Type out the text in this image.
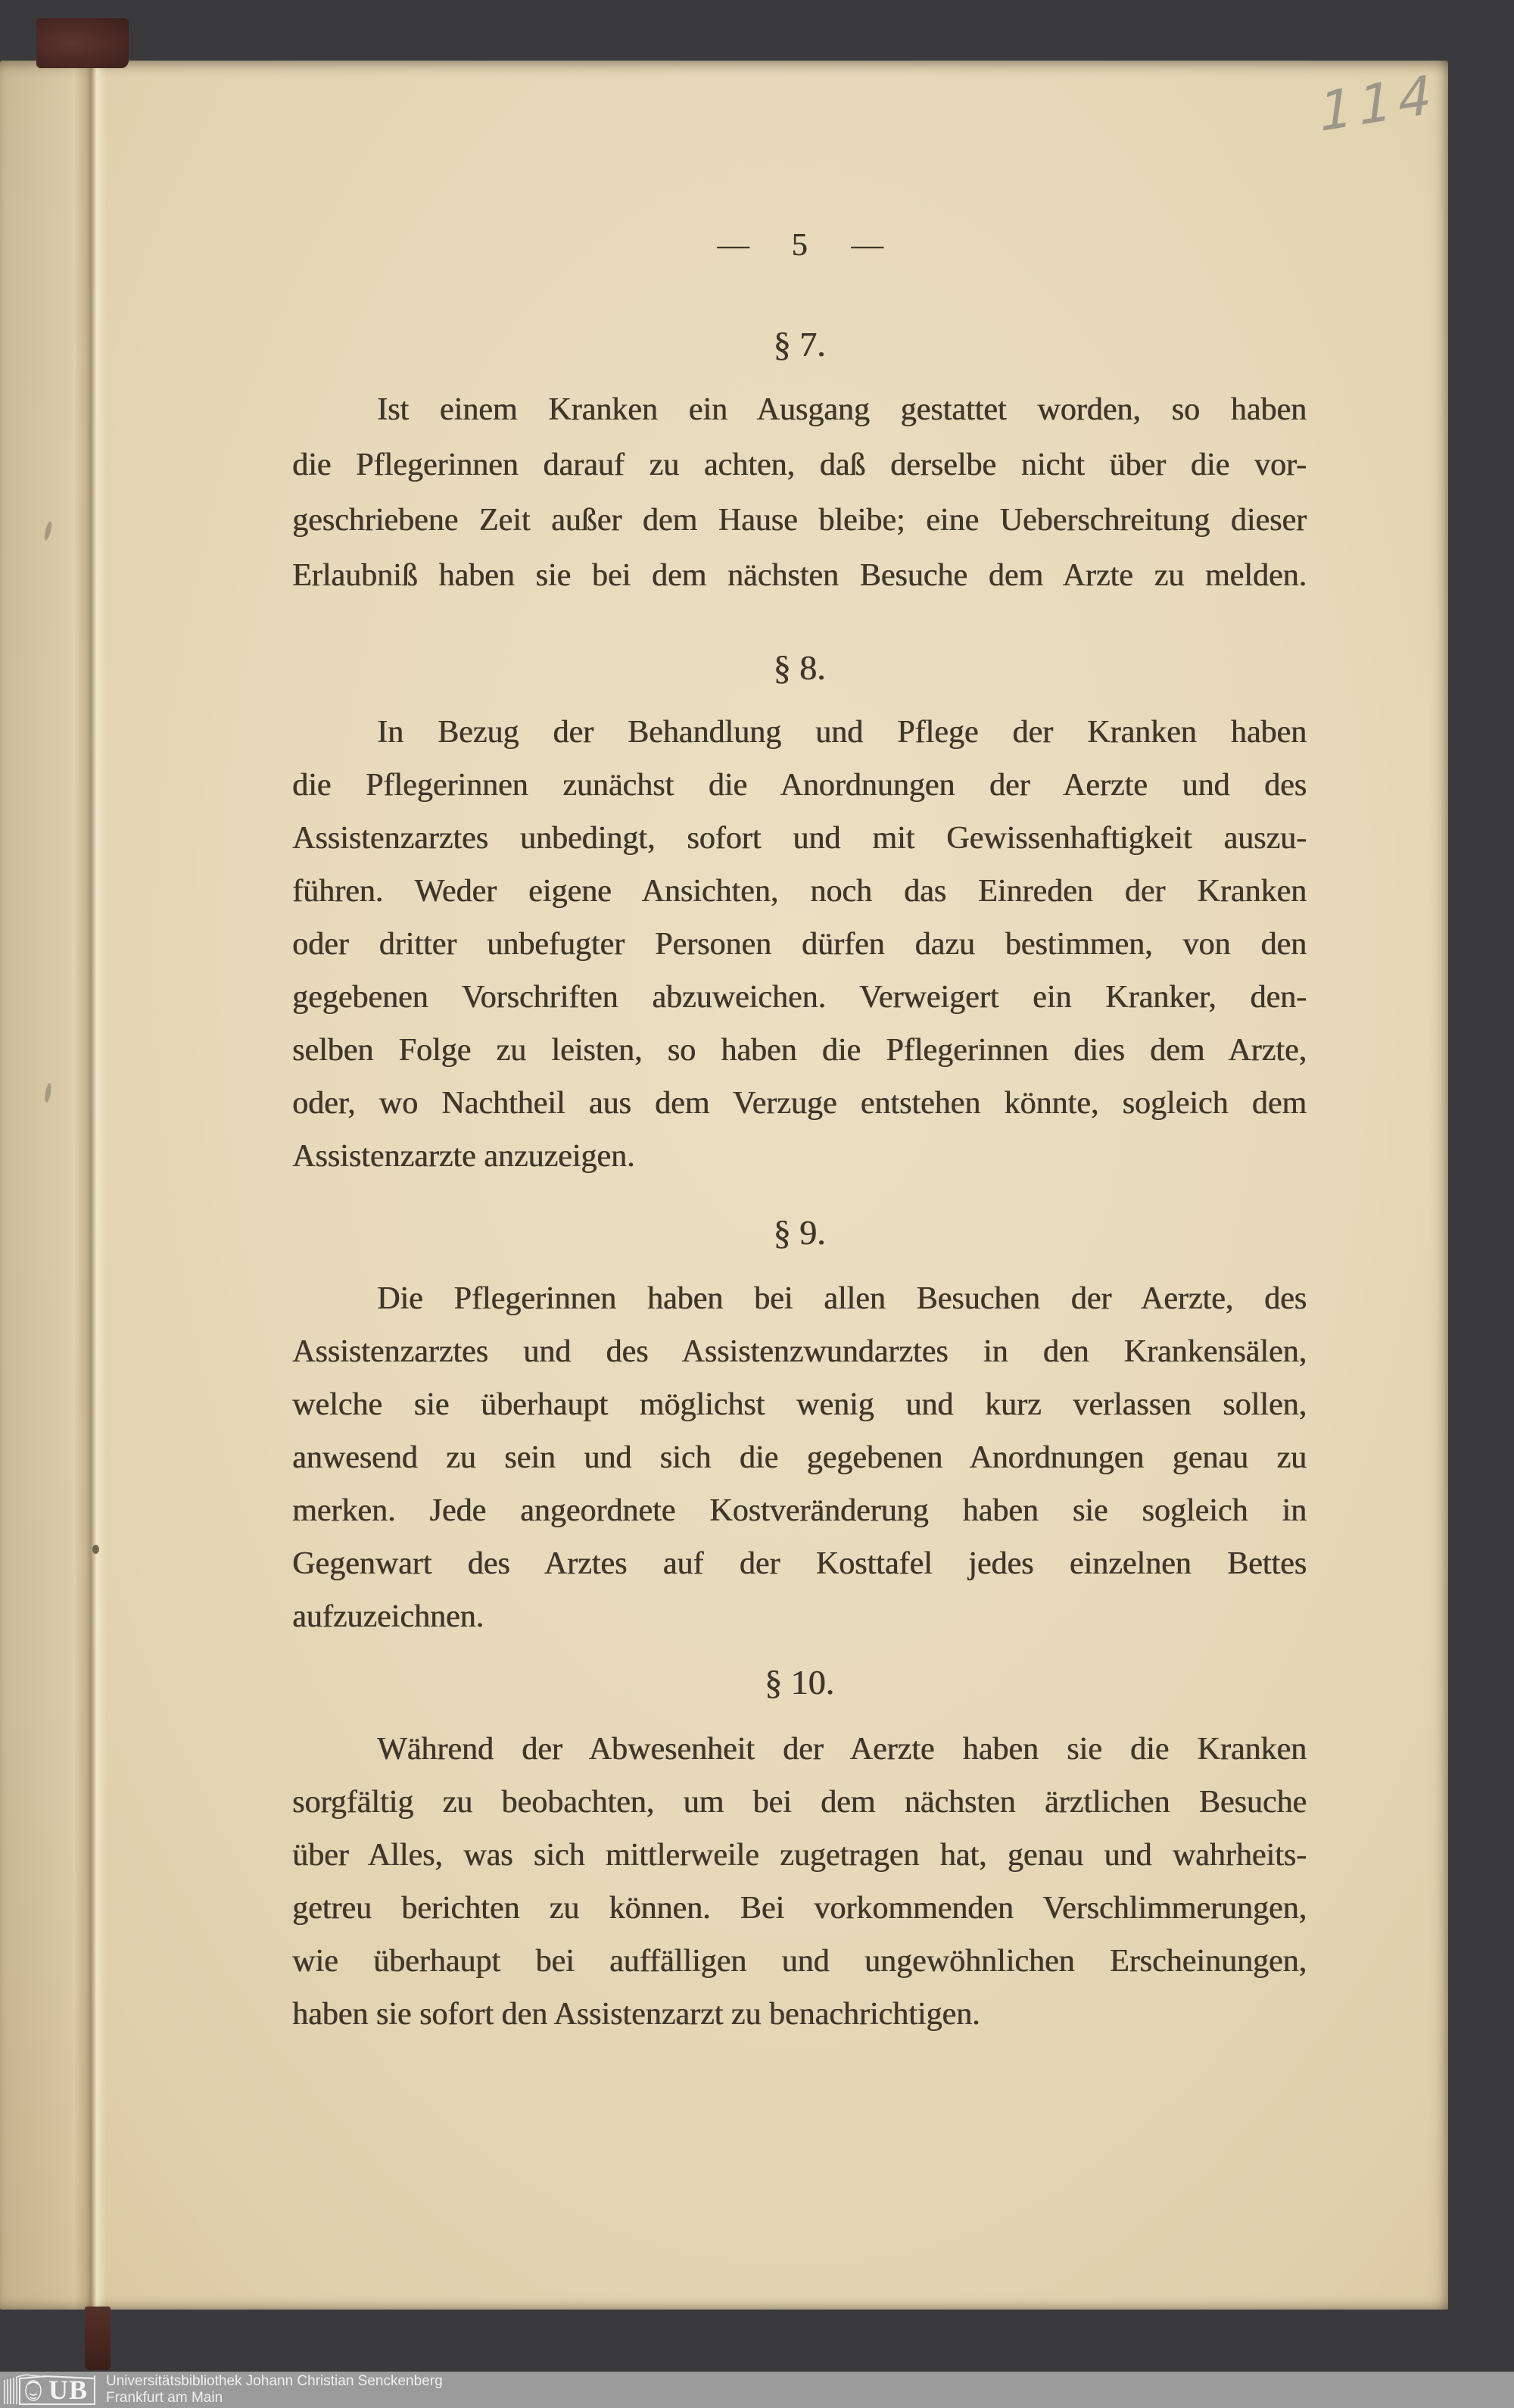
114
— 5 —
§ 7.
Ist einem Kranken ein Ausgang gestattet worden, so haben
die Pflegerinnen darauf zu achten, daß derselbe nicht über die vor-
geschriebene Zeit außer dem Hause bleibe; eine Ueberschreitung dieser
Erlaubniß haben sie bei dem nächsten Besuche dem Arzte zu melden.
§ 8.
In Bezug der Behandlung und Pflege der Kranken haben
die Pflegerinnen zunächst die Anordnungen der Aerzte und des
Assistenzarztes unbedingt, sofort und mit Gewissenhaftigkeit auszu-
führen. Weder eigene Ansichten, noch das Einreden der Kranken
oder dritter unbefugter Personen dürfen dazu bestimmen, von den
gegebenen Vorschriften abzuweichen. Verweigert ein Kranker, den-
selben Folge zu leisten, so haben die Pflegerinnen dies dem Arzte,
oder, wo Nachtheil aus dem Verzuge entstehen könnte, sogleich dem
Assistenzarzte anzuzeigen.
§ 9.
Die Pflegerinnen haben bei allen Besuchen der Aerzte, des
Assistenzarztes und des Assistenzwundarztes in den Krankensälen,
welche sie überhaupt möglichst wenig und kurz verlassen sollen,
anwesend zu sein und sich die gegebenen Anordnungen genau zu
merken. Jede angeordnete Kostveränderung haben sie sogleich in
Gegenwart des Arztes auf der Kosttafel jedes einzelnen Bettes
aufzuzeichnen.
§ 10.
Während der Abwesenheit der Aerzte haben sie die Kranken
sorgfältig zu beobachten, um bei dem nächsten ärztlichen Besuche
über Alles, was sich mittlerweile zugetragen hat, genau und wahrheits-
getreu berichten zu können. Bei vorkommenden Verschlimmerungen,
wie überhaupt bei auffälligen und ungewöhnlichen Erscheinungen,
haben sie sofort den Assistenzarzt zu benachrichtigen.
UB Universitätsbibliothek Johann Christian Senckenberg
Frankfurt am Main
